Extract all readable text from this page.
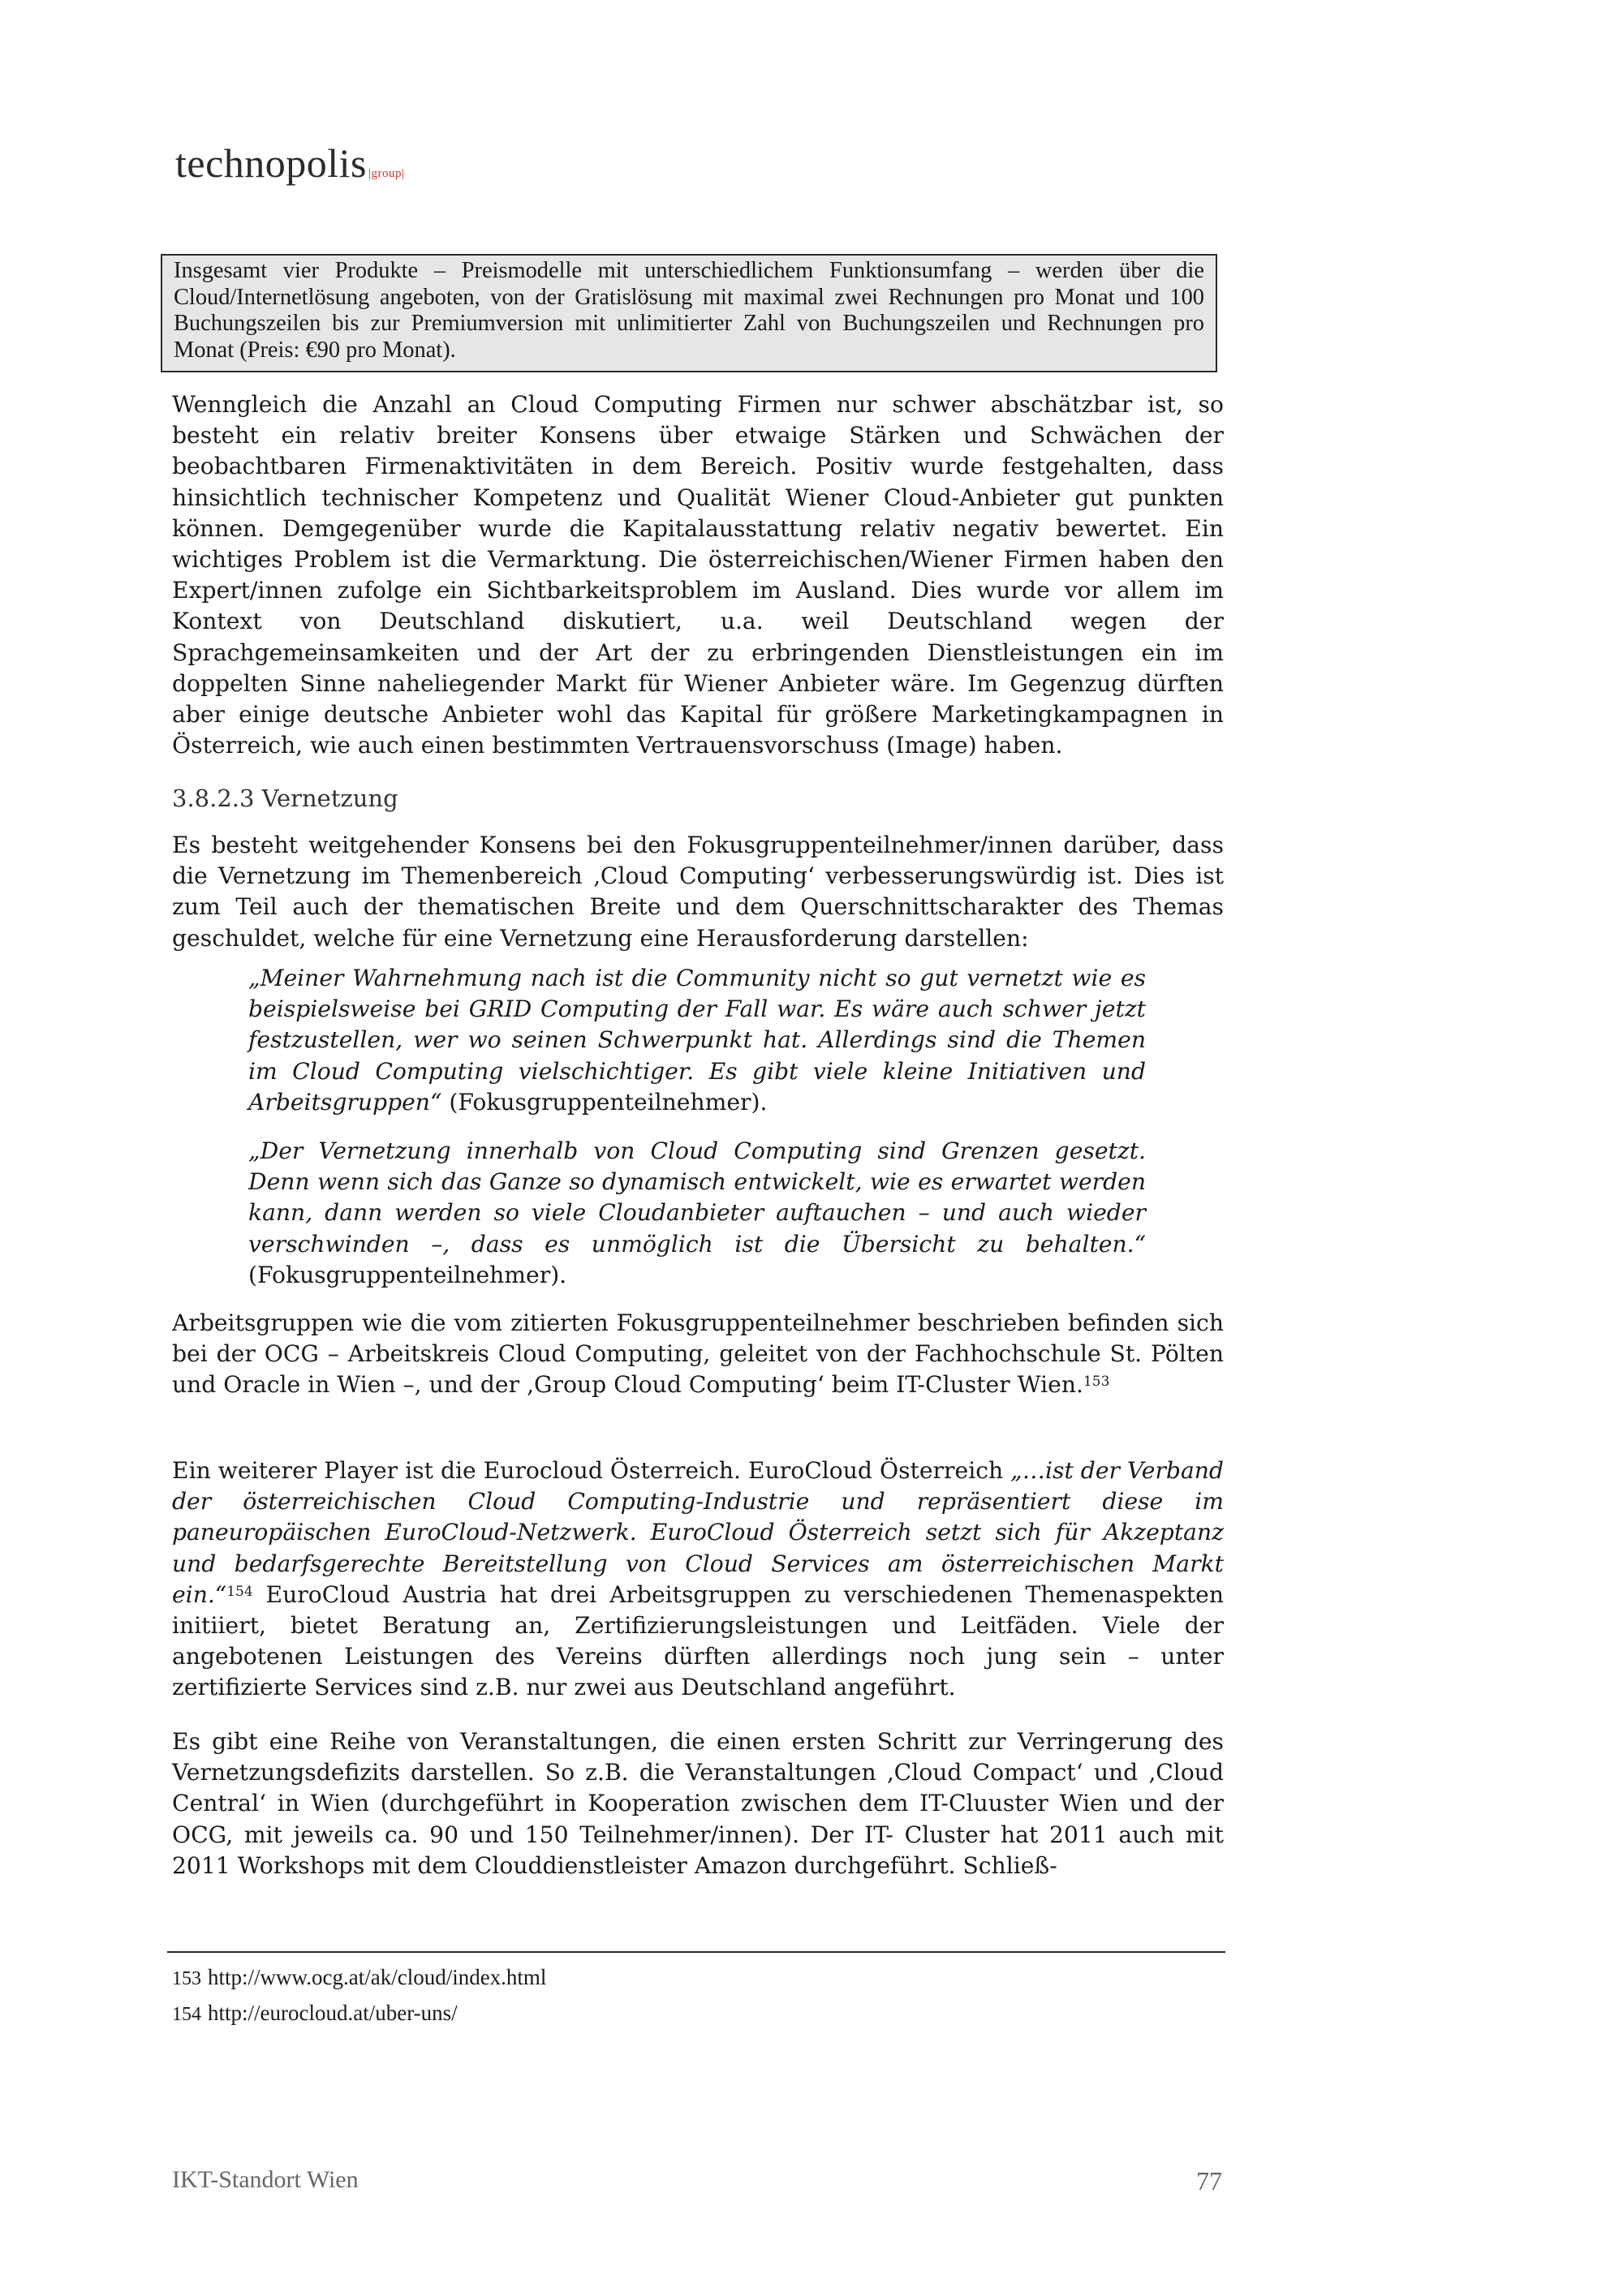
technopolis |group|
Insgesamt vier Produkte – Preismodelle mit unterschiedlichem Funktionsumfang – werden über die Cloud/Internetlösung angeboten, von der Gratislösung mit maximal zwei Rechnungen pro Monat und 100 Buchungszeilen bis zur Premiumversion mit unlimitierter Zahl von Buchungszeilen und Rechnungen pro Monat (Preis: €90 pro Monat).

Wenngleich die Anzahl an Cloud Computing Firmen nur schwer abschätzbar ist, so besteht ein relativ breiter Konsens über etwaige Stärken und Schwächen der beobachtbaren Firmenaktivitäten in dem Bereich. Positiv wurde festgehalten, dass hinsichtlich technischer Kompetenz und Qualität Wiener Cloud-Anbieter gut punkten können. Demgegenüber wurde die Kapitalausstattung relativ negativ bewertet. Ein wichtiges Problem ist die Vermarktung. Die österreichischen/Wiener Firmen haben den Expert/innen zufolge ein Sichtbarkeitsproblem im Ausland. Dies wurde vor allem im Kontext von Deutschland diskutiert, u.a. weil Deutschland wegen der Sprachgemeinsamkeiten und der Art der zu erbringenden Dienstleistungen ein im doppelten Sinne naheliegender Markt für Wiener Anbieter wäre. Im Gegenzug dürften aber einige deutsche Anbieter wohl das Kapital für größere Marketingkampagnen in Österreich, wie auch einen bestimmten Vertrauensvorschuss (Image) haben.

3.8.2.3 Vernetzung

Es besteht weitgehender Konsens bei den Fokusgruppenteilnehmer/innen darüber, dass die Vernetzung im Themenbereich ‚Cloud Computing‘ verbesserungswürdig ist. Dies ist zum Teil auch der thematischen Breite und dem Querschnittscharakter des Themas geschuldet, welche für eine Vernetzung eine Herausforderung darstellen:

„Meiner Wahrnehmung nach ist die Community nicht so gut vernetzt wie es beispielsweise bei GRID Computing der Fall war. Es wäre auch schwer jetzt festzustellen, wer wo seinen Schwerpunkt hat. Allerdings sind die Themen im Cloud Computing vielschichtiger. Es gibt viele kleine Initiativen und Arbeitsgruppen“ (Fokusgruppenteilnehmer).
„Der Vernetzung innerhalb von Cloud Computing sind Grenzen gesetzt. Denn wenn sich das Ganze so dynamisch entwickelt, wie es erwartet werden kann, dann werden so viele Cloudanbieter auftauchen – und auch wieder verschwinden –, dass es unmöglich ist die Übersicht zu behalten.“ (Fokusgruppenteilnehmer).

Arbeitsgruppen wie die vom zitierten Fokusgruppenteilnehmer beschrieben befinden sich bei der OCG – Arbeitskreis Cloud Computing, geleitet von der Fachhochschule St. Pölten und Oracle in Wien –, und der ‚Group Cloud Computing‘ beim IT-Cluster Wien.$^{153}$

Ein weiterer Player ist die Eurocloud Österreich. EuroCloud Österreich „…ist der Verband der österreichischen Cloud Computing-Industrie und repräsentiert diese im paneuropäischen EuroCloud-Netzwerk. EuroCloud Österreich setzt sich für Akzeptanz und bedarfsgerechte Bereitstellung von Cloud Services am österreichischen Markt ein.“$^{154}$ EuroCloud Austria hat drei Arbeitsgruppen zu verschiedenen Themenaspekten initiiert, bietet Beratung an, Zertifizierungsleistungen und Leitfäden. Viele der angebotenen Leistungen des Vereins dürften allerdings noch jung sein – unter zertifizierte Services sind z.B. nur zwei aus Deutschland angeführt.

Es gibt eine Reihe von Veranstaltungen, die einen ersten Schritt zur Verringerung des Vernetzungsdefizits darstellen. So z.B. die Veranstaltungen ‚Cloud Compact‘ und ‚Cloud Central‘ in Wien (durchgeführt in Kooperation zwischen dem IT-Cluuster Wien und der OCG, mit jeweils ca. 90 und 150 Teilnehmer/innen). Der IT- Cluster hat 2011 auch mit 2011 Workshops mit dem Clouddienstleister Amazon durchgeführt. Schließ-

153 http://www.ocg.at/ak/cloud/index.html
154 http://eurocloud.at/uber-uns/
IKT-Standort Wien	77
